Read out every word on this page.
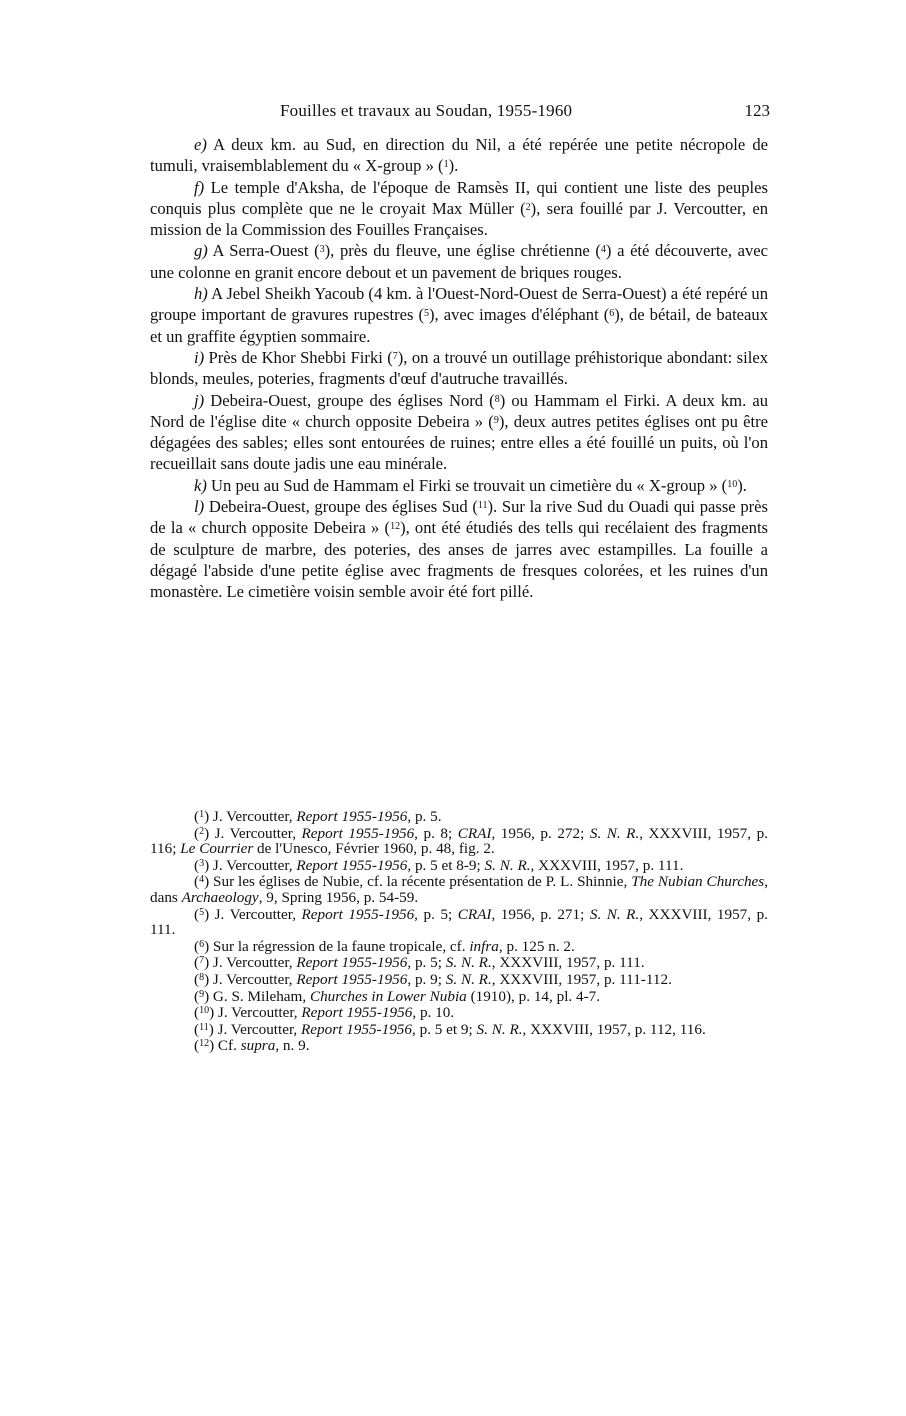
Fouilles et travaux au Soudan, 1955-1960	123

e) A deux km. au Sud, en direction du Nil, a été repérée une petite nécropole de tumuli, vraisemblablement du « X-group » ($^1$).

f) Le temple d'Aksha, de l'époque de Ramsès II, qui contient une liste des peuples conquis plus complète que ne le croyait Max Müller ($^2$), sera fouillé par J. Vercoutter, en mission de la Commission des Fouilles Françaises.

g) A Serra-Ouest ($^3$), près du fleuve, une église chrétienne ($^4$) a été découverte, avec une colonne en granit encore debout et un pavement de briques rouges.

h) A Jebel Sheikh Yacoub (4 km. à l'Ouest-Nord-Ouest de Serra-Ouest) a été repéré un groupe important de gravures rupestres ($^5$), avec images d'éléphant ($^6$), de bétail, de bateaux et un graffite égyptien sommaire.

i) Près de Khor Shebbi Firki ($^7$), on a trouvé un outillage préhistorique abondant: silex blonds, meules, poteries, fragments d'œuf d'autruche travaillés.

j) Debeira-Ouest, groupe des églises Nord ($^8$) ou Hammam el Firki. A deux km. au Nord de l'église dite « church opposite Debeira » ($^9$), deux autres petites églises ont pu être dégagées des sables; elles sont entourées de ruines; entre elles a été fouillé un puits, où l'on recueillait sans doute jadis une eau minérale.

k) Un peu au Sud de Hammam el Firki se trouvait un cimetière du « X-group » ($^{10}$).

l) Debeira-Ouest, groupe des églises Sud ($^{11}$). Sur la rive Sud du Ouadi qui passe près de la « church opposite Debeira » ($^{12}$), ont été étudiés des tells qui recélaient des fragments de sculpture de marbre, des poteries, des anses de jarres avec estampilles. La fouille a dégagé l'abside d'une petite église avec fragments de fresques colorées, et les ruines d'un monastère. Le cimetière voisin semble avoir été fort pillé.

($^1$) J. Vercoutter, Report 1955-1956, p. 5.

($^2$) J. Vercoutter, Report 1955-1956, p. 8; CRAI, 1956, p. 272; S. N. R., XXXVIII, 1957, p. 116; Le Courrier de l'Unesco, Février 1960, p. 48, fig. 2.

($^3$) J. Vercoutter, Report 1955-1956, p. 5 et 8-9; S. N. R., XXXVIII, 1957, p. 111.

($^4$) Sur les églises de Nubie, cf. la récente présentation de P. L. Shinnie, The Nubian Churches, dans Archaeology, 9, Spring 1956, p. 54-59.

($^5$) J. Vercoutter, Report 1955-1956, p. 5; CRAI, 1956, p. 271; S. N. R., XXXVIII, 1957, p. 111.

($^6$) Sur la régression de la faune tropicale, cf. infra, p. 125 n. 2.

($^7$) J. Vercoutter, Report 1955-1956, p. 5; S. N. R., XXXVIII, 1957, p. 111.

($^8$) J. Vercoutter, Report 1955-1956, p. 9; S. N. R., XXXVIII, 1957, p. 111-112.

($^9$) G. S. Mileham, Churches in Lower Nubia (1910), p. 14, pl. 4-7.

($^{10}$) J. Vercoutter, Report 1955-1956, p. 10.

($^{11}$) J. Vercoutter, Report 1955-1956, p. 5 et 9; S. N. R., XXXVIII, 1957, p. 112, 116.

($^{12}$) Cf. supra, n. 9.
